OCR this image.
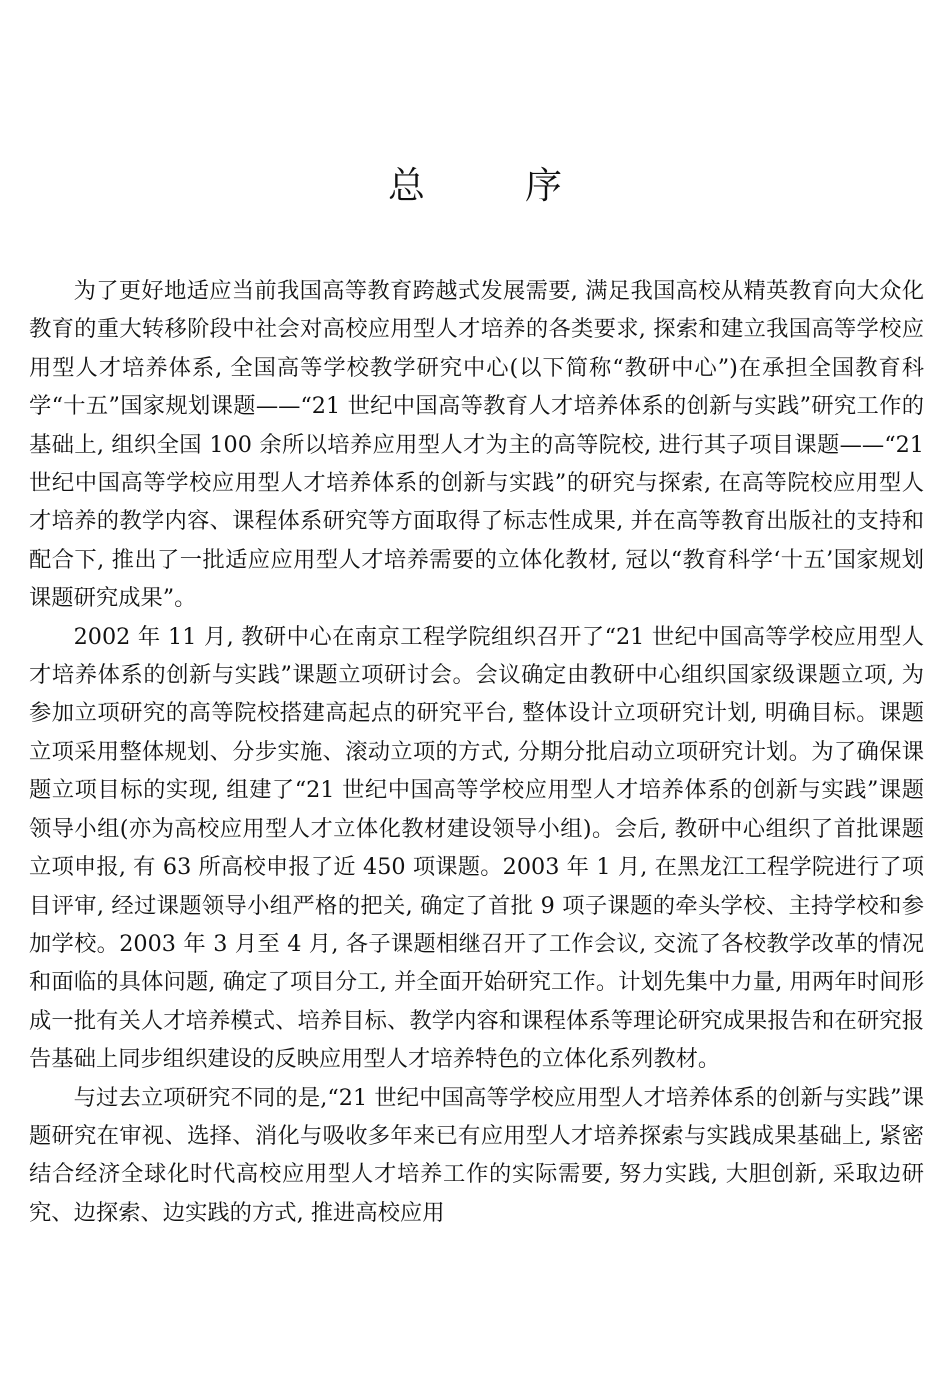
总	序

为了更好地适应当前我国高等教育跨越式发展需要, 满足我国高校从精英教育向大众化教育的重大转移阶段中社会对高校应用型人才培养的各类要求, 探索和建立我国高等学校应用型人才培养体系, 全国高等学校教学研究中心(以下简称“教研中心”)在承担全国教育科学“十五”国家规划课题——“21 世纪中国高等教育人才培养体系的创新与实践”研究工作的基础上, 组织全国 100 余所以培养应用型人才为主的高等院校, 进行其子项目课题——“21 世纪中国高等学校应用型人才培养体系的创新与实践”的研究与探索, 在高等院校应用型人才培养的教学内容、课程体系研究等方面取得了标志性成果, 并在高等教育出版社的支持和配合下, 推出了一批适应应用型人才培养需要的立体化教材, 冠以“教育科学‘十五’国家规划课题研究成果”。

2002 年 11 月, 教研中心在南京工程学院组织召开了“21 世纪中国高等学校应用型人才培养体系的创新与实践”课题立项研讨会。会议确定由教研中心组织国家级课题立项, 为参加立项研究的高等院校搭建高起点的研究平台, 整体设计立项研究计划, 明确目标。课题立项采用整体规划、分步实施、滚动立项的方式, 分期分批启动立项研究计划。为了确保课题立项目标的实现, 组建了“21 世纪中国高等学校应用型人才培养体系的创新与实践”课题领导小组(亦为高校应用型人才立体化教材建设领导小组)。会后, 教研中心组织了首批课题立项申报, 有 63 所高校申报了近 450 项课题。2003 年 1 月, 在黑龙江工程学院进行了项目评审, 经过课题领导小组严格的把关, 确定了首批 9 项子课题的牵头学校、主持学校和参加学校。2003 年 3 月至 4 月, 各子课题相继召开了工作会议, 交流了各校教学改革的情况和面临的具体问题, 确定了项目分工, 并全面开始研究工作。计划先集中力量, 用两年时间形成一批有关人才培养模式、培养目标、教学内容和课程体系等理论研究成果报告和在研究报告基础上同步组织建设的反映应用型人才培养特色的立体化系列教材。

与过去立项研究不同的是,“21 世纪中国高等学校应用型人才培养体系的创新与实践”课题研究在审视、选择、消化与吸收多年来已有应用型人才培养探索与实践成果基础上, 紧密结合经济全球化时代高校应用型人才培养工作的实际需要, 努力实践, 大胆创新, 采取边研究、边探索、边实践的方式, 推进高校应用
